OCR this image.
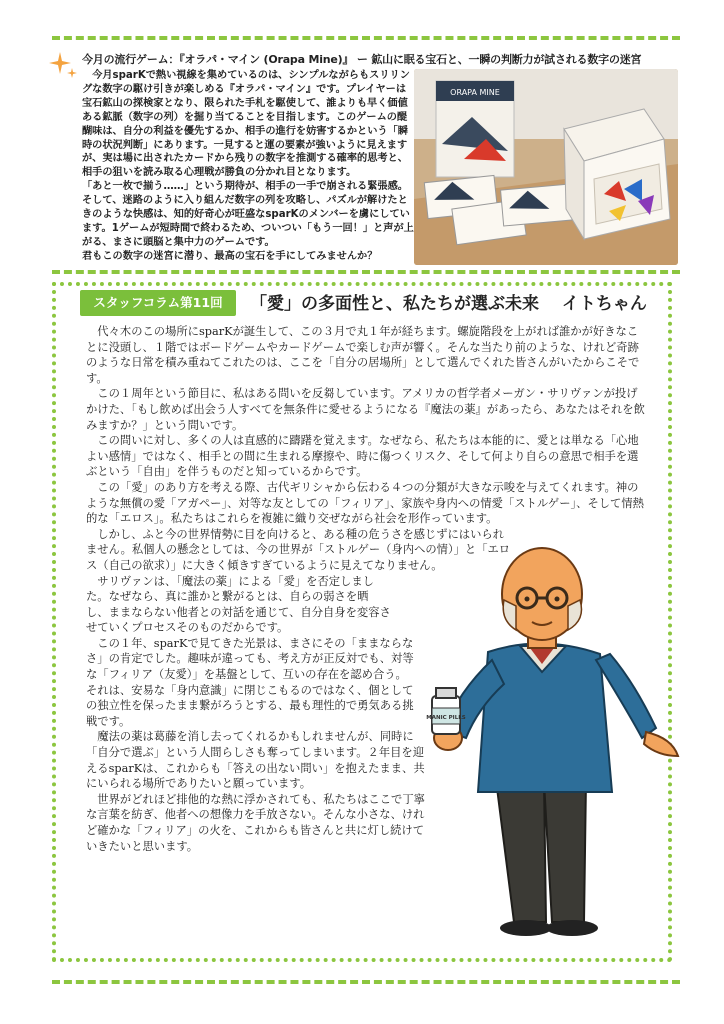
今月の流行ゲーム：『オラパ・マイン (Orapa Mine)』 ー 鉱山に眠る宝石と、一瞬の判断力が試される数字の迷宮

今月sparKで熱い視線を集めているのは、シンプルながらもスリリングな数字の駆け引きが楽しめる『オラパ・マイン』です。プレイヤーは宝石鉱山の探検家となり、限られた手札を駆使して、誰よりも早く価値ある鉱脈（数字の列）を掘り当てることを目指します。このゲームの醍醐味は、自分の利益を優先するか、相手の進行を妨害するかという「瞬時の状況判断」にあります。一見すると運の要素が強いように見えますが、実は場に出されたカードから残りの数字を推測する確率的思考と、相手の狙いを読み取る心理戦が勝負の分かれ目となります。

「あと一枚で揃う……」という期待が、相手の一手で崩される緊張感。そして、迷路のように入り組んだ数字の列を攻略し、パズルが解けたときのような快感は、知的好奇心が旺盛なsparKのメンバーを虜にしています。1ゲームが短時間で終わるため、ついつい「もう一回！」と声が上がる、まさに頭脳と集中力のゲームです。

君もこの数字の迷宮に潜り、最高の宝石を手にしてみませんか？

ORAPA MINE
スタッフコラム第11回	「愛」の多面性と、私たちが選ぶ未来　 イトちゃん

代々木のこの場所にsparKが誕生して、この３月で丸１年が経ちます。螺旋階段を上がれば誰かが好きなことに没頭し、１階ではボードゲームやカードゲームで楽しむ声が響く。そんな当たり前のような、けれど奇跡のような日常を積み重ねてこれたのは、ここを「自分の居場所」として選んでくれた皆さんがいたからこそです。

この１周年という節目に、私はある問いを反芻しています。アメリカの哲学者メーガン・サリヴァンが投げかけた、「もし飲めば出会う人すべてを無条件に愛せるようになる『魔法の薬』があったら、あなたはそれを飲みますか？」という問いです。

この問いに対し、多くの人は直感的に躊躇を覚えます。なぜなら、私たちは本能的に、愛とは単なる「心地よい感情」ではなく、相手との間に生まれる摩擦や、時に傷つくリスク、そして何より自らの意思で相手を選ぶという「自由」を伴うものだと知っているからです。

この「愛」のあり方を考える際、古代ギリシャから伝わる４つの分類が大きな示唆を与えてくれます。神のような無償の愛「アガペー」、対等な友としての「フィリア」、家族や身内への情愛「ストルゲー」、そして情熱的な「エロス」。私たちはこれらを複雑に織り交ぜながら社会を形作っています。

しかし、ふと今の世界情勢に目を向けると、ある種の危うさを感じずにはいられません。私個人の懸念としては、今の世界が「ストルゲー（身内への情）」と「エロス（自己の欲求）」に大きく傾きすぎているように見えてなりません。

サリヴァンは、「魔法の薬」による「愛」を否定しました。なぜなら、真に誰かと繋がるとは、自らの弱さを晒し、ままならない他者との対話を通じて、自分自身を変容させていくプロセスそのものだからです。

この１年、sparKで見てきた光景は、まさにその「ままならなさ」の肯定でした。趣味が違っても、考え方が正反対でも、対等な「フィリア（友愛）」を基盤として、互いの存在を認め合う。それは、安易な「身内意識」に閉じこもるのではなく、個としての独立性を保ったまま繋がろうとする、最も理性的で勇気ある挑戦です。

魔法の薬は葛藤を消し去ってくれるかもしれませんが、同時に「自分で選ぶ」という人間らしさも奪ってしまいます。２年目を迎えるsparKは、これからも「答えの出ない問い」を抱えたまま、共にいられる場所でありたいと願っています。

世界がどれほど排他的な熱に浮かされても、私たちはここで丁寧な言葉を紡ぎ、他者への想像力を手放さない。そんな小さな、けれど確かな「フィリア」の火を、これからも皆さんと共に灯し続けていきたいと思います。

MANIC PILLS
